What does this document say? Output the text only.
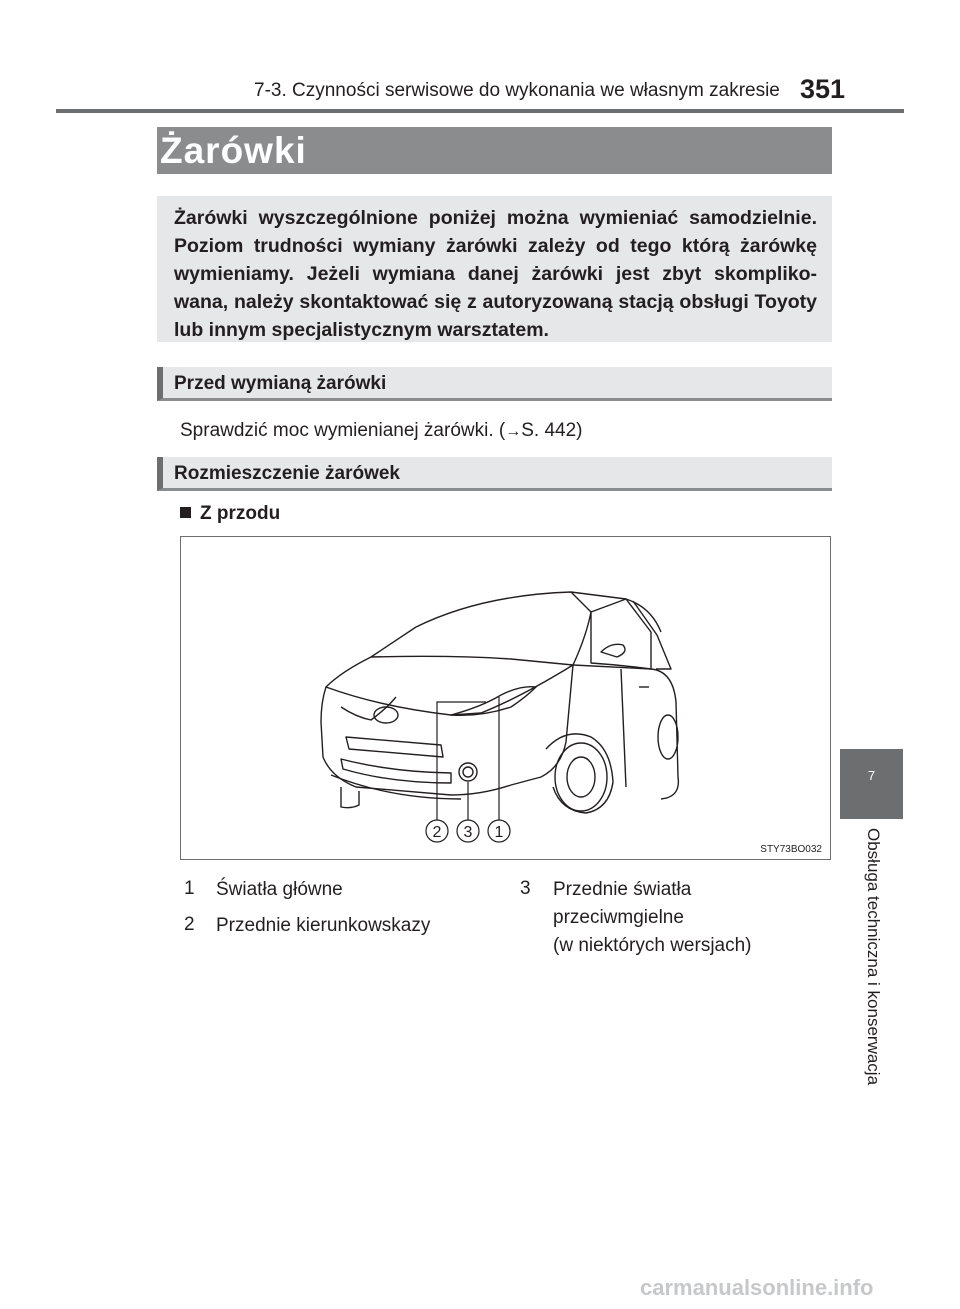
7-3. Czynności serwisowe do wykonania we własnym zakresie 351
Żarówki
Żarówki wyszczególnione poniżej można wymieniać samodzielnie. Poziom trudności wymiany żarówki zależy od tego którą żarówkę wymieniamy. Jeżeli wymiana danej żarówki jest zbyt skompliko-wana, należy skontaktować się z autoryzowaną stacją obsługi Toyoty lub innym specjalistycznym warsztatem.
Przed wymianą żarówki
Sprawdzić moc wymienianej żarówki. (→S. 442)
Rozmieszczenie żarówek
Z przodu
2 3 1
STY73BO032
1 Światła główne
2 Przednie kierunkowskazy
3 Przednie światła
przeciwmgielne
(w niektórych wersjach)
7
Obsługa techniczna i konserwacja
carmanualsonline.info
